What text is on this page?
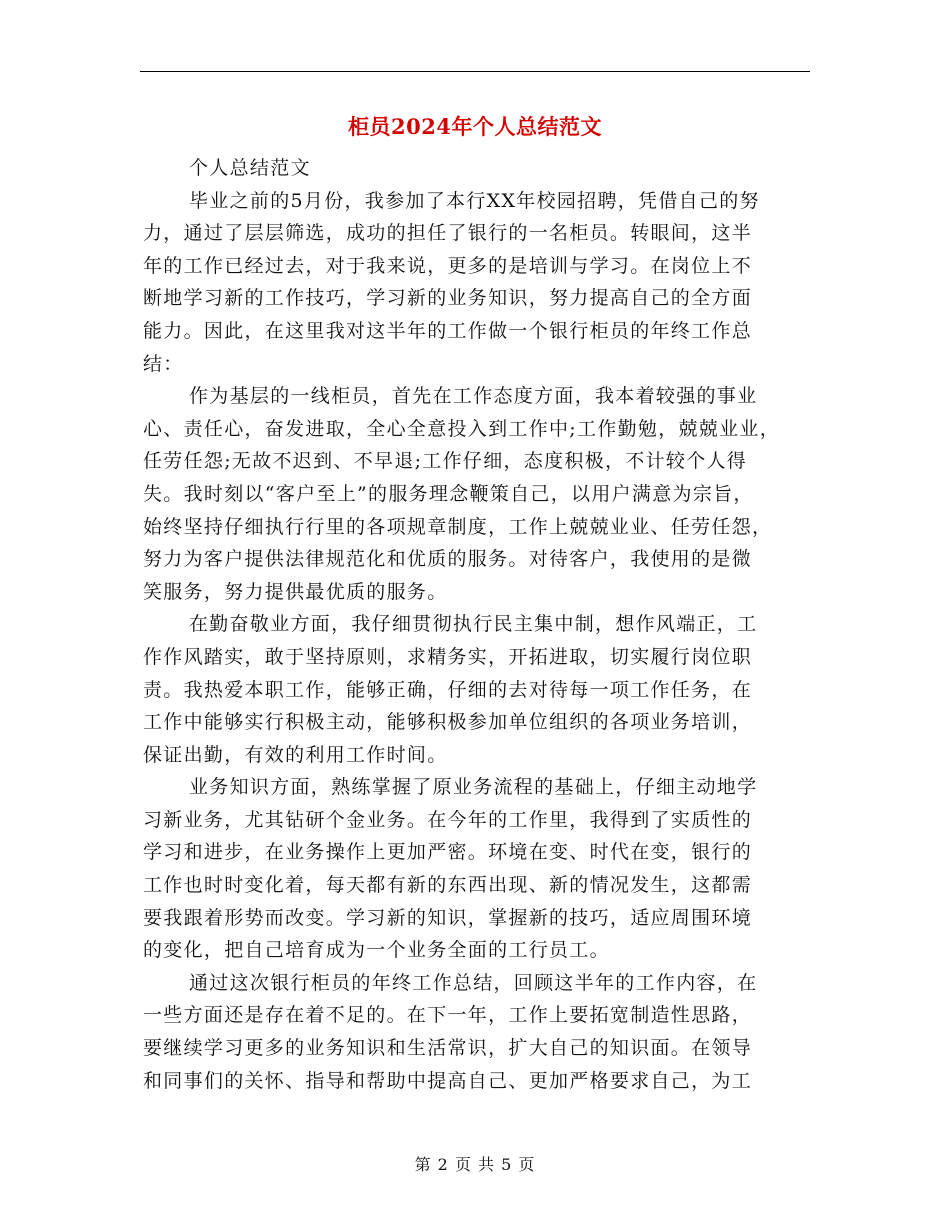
柜员2024年个人总结范文
个人总结范文
毕业之前的5月份，我参加了本行XX年校园招聘，凭借自己的努
力，通过了层层筛选，成功的担任了银行的一名柜员。转眼间，这半
年的工作已经过去，对于我来说，更多的是培训与学习。在岗位上不
断地学习新的工作技巧，学习新的业务知识，努力提高自己的全方面
能力。因此，在这里我对这半年的工作做一个银行柜员的年终工作总
结：
作为基层的一线柜员，首先在工作态度方面，我本着较强的事业
心、责任心，奋发进取，全心全意投入到工作中;工作勤勉，兢兢业业，
任劳任怨;无故不迟到、不早退;工作仔细，态度积极，不计较个人得
失。我时刻以“客户至上”的服务理念鞭策自己，以用户满意为宗旨，
始终坚持仔细执行行里的各项规章制度，工作上兢兢业业、任劳任怨，
努力为客户提供法律规范化和优质的服务。对待客户，我使用的是微
笑服务，努力提供最优质的服务。
在勤奋敬业方面，我仔细贯彻执行民主集中制，想作风端正，工
作作风踏实，敢于坚持原则，求精务实，开拓进取，切实履行岗位职
责。我热爱本职工作，能够正确，仔细的去对待每一项工作任务，在
工作中能够实行积极主动，能够积极参加单位组织的各项业务培训，
保证出勤，有效的利用工作时间。
业务知识方面，熟练掌握了原业务流程的基础上，仔细主动地学
习新业务，尤其钻研个金业务。在今年的工作里，我得到了实质性的
学习和进步，在业务操作上更加严密。环境在变、时代在变，银行的
工作也时时变化着，每天都有新的东西出现、新的情况发生，这都需
要我跟着形势而改变。学习新的知识，掌握新的技巧，适应周围环境
的变化，把自己培育成为一个业务全面的工行员工。
通过这次银行柜员的年终工作总结，回顾这半年的工作内容，在
一些方面还是存在着不足的。在下一年，工作上要拓宽制造性思路，
要继续学习更多的业务知识和生活常识，扩大自己的知识面。在领导
和同事们的关怀、指导和帮助中提高自己、更加严格要求自己，为工
第 2 页 共 5 页
